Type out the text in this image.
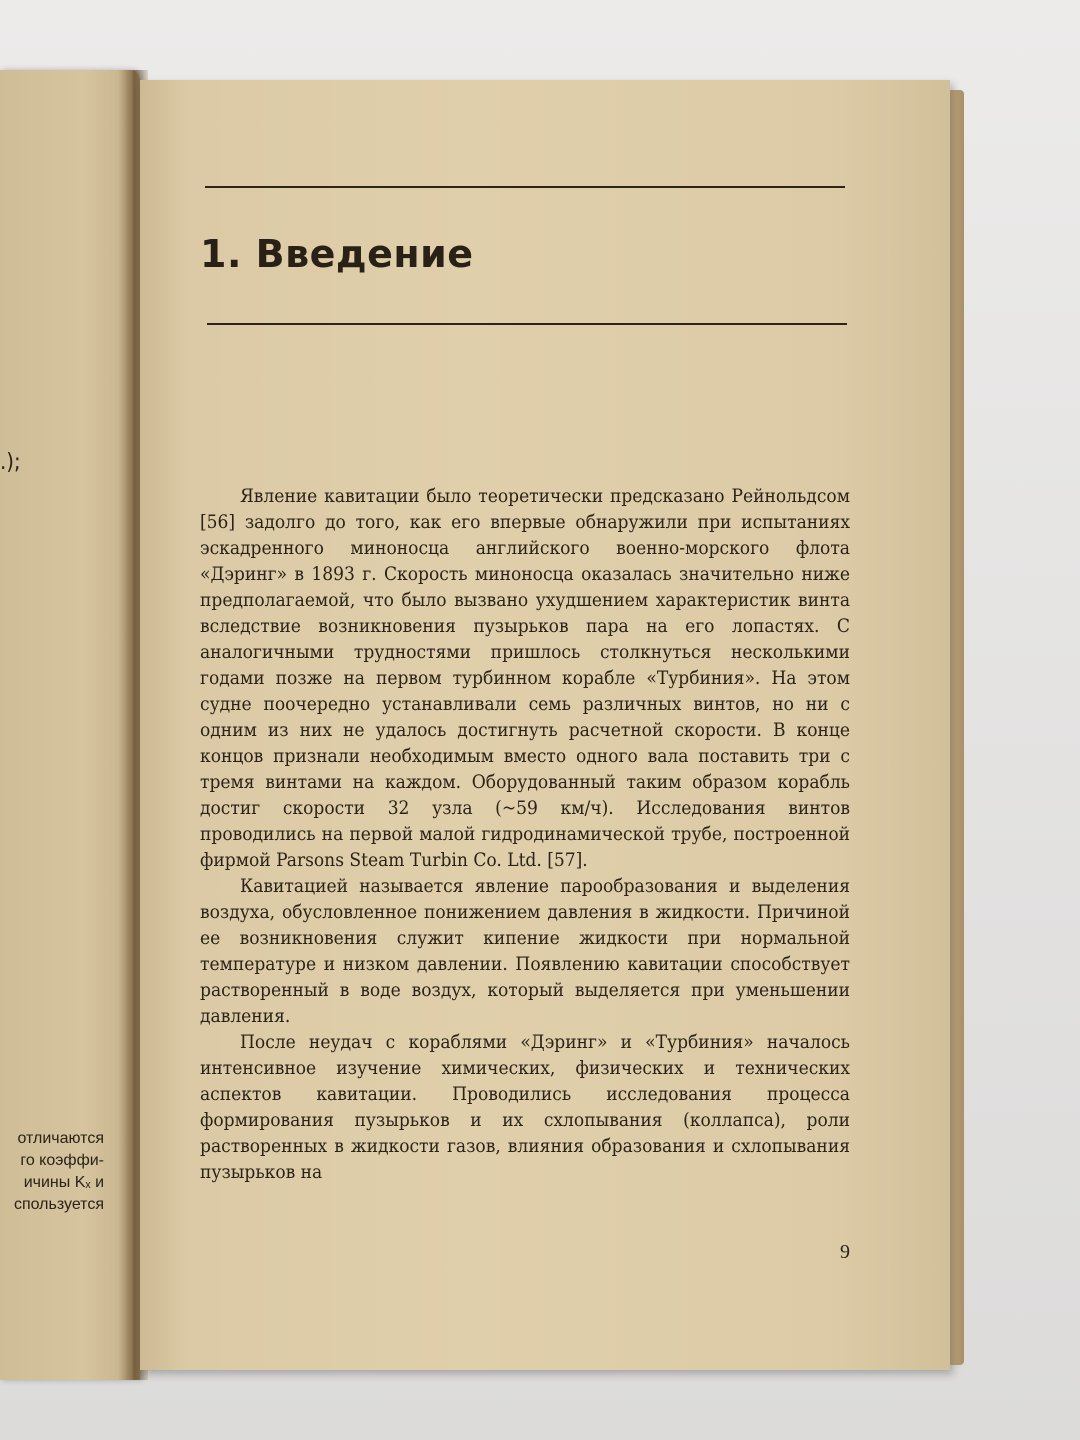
.);
отличаются
го коэффи-
ичины Kₓ и
спользуется
1. Введение

Явление кавитации было теоретически предсказано Рейнольдсом [56] задолго до того, как его впервые обнаружили при испытаниях эскадренного миноносца английского военно-морского флота «Дэринг» в 1893 г. Скорость миноносца оказалась значительно ниже предполагаемой, что было вызвано ухудшением характеристик винта вследствие возникновения пузырьков пара на его лопастях. С аналогичными трудностями пришлось столкнуться несколькими годами позже на первом турбинном корабле «Турбиния». На этом судне поочередно устанавливали семь различных винтов, но ни с одним из них не удалось достигнуть расчетной скорости. В конце концов признали необходимым вместо одного вала поставить три с тремя винтами на каждом. Оборудованный таким образом корабль достиг скорости 32 узла (~59 км/ч). Исследования винтов проводились на первой малой гидродинамической трубе, построенной фирмой Parsons Steam Turbin Co. Ltd. [57].

Кавитацией называется явление парообразования и выделения воздуха, обусловленное понижением давления в жидкости. Причиной ее возникновения служит кипение жидкости при нормальной температуре и низком давлении. Появлению кавитации способствует растворенный в воде воздух, который выделяется при уменьшении давления.

После неудач с кораблями «Дэринг» и «Турбиния» началось интенсивное изучение химических, физических и технических аспектов кавитации. Проводились исследования процесса формирования пузырьков и их схлопывания (коллапса), роли растворенных в жидкости газов, влияния образования и схлопывания пузырьков на

9
